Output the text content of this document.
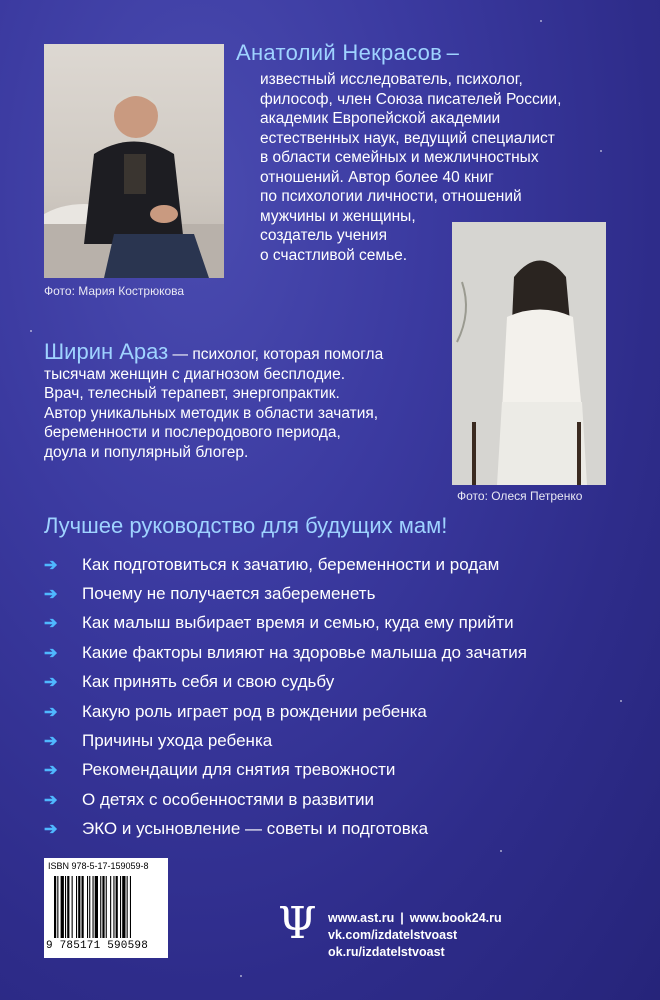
Фото: Мария Кострюкова
Анатолий Некрасов –
известный исследователь, психолог,
философ, член Союза писателей России,
академик Европейской академии
естественных наук, ведущий специалист
в области семейных и межличностных
отношений. Автор более 40 книг
по психологии личности, отношений
мужчины и женщины,
создатель учения
о счастливой семье.
Фото: Олеся Петренко
Ширин Араз — психолог, которая помогла
тысячам женщин с диагнозом бесплодие.
Врач, телесный терапевт, энергопрактик.
Автор уникальных методик в области зачатия,
беременности и послеродового периода,
доула и популярный блогер.
Лучшее руководство для будущих мам!
➔	Как подготовиться к зачатию, беременности и родам
➔	Почему не получается забеременеть
➔	Как малыш выбирает время и семью, куда ему прийти
➔	Какие факторы влияют на здоровье малыша до зачатия
➔	Как принять себя и свою судьбу
➔	Какую роль играет род в рождении ребенка
➔	Причины ухода ребенка
➔	Рекомендации для снятия тревожности
➔	О детях с особенностями в развитии
➔	ЭКО и усыновление — советы и подготовка
ISBN 978-5-17-159059-8
9 785171 590598	Ψ www.ast.ru | www.book24.ru
vk.com/izdatelstvoast
ok.ru/izdatelstvoast
